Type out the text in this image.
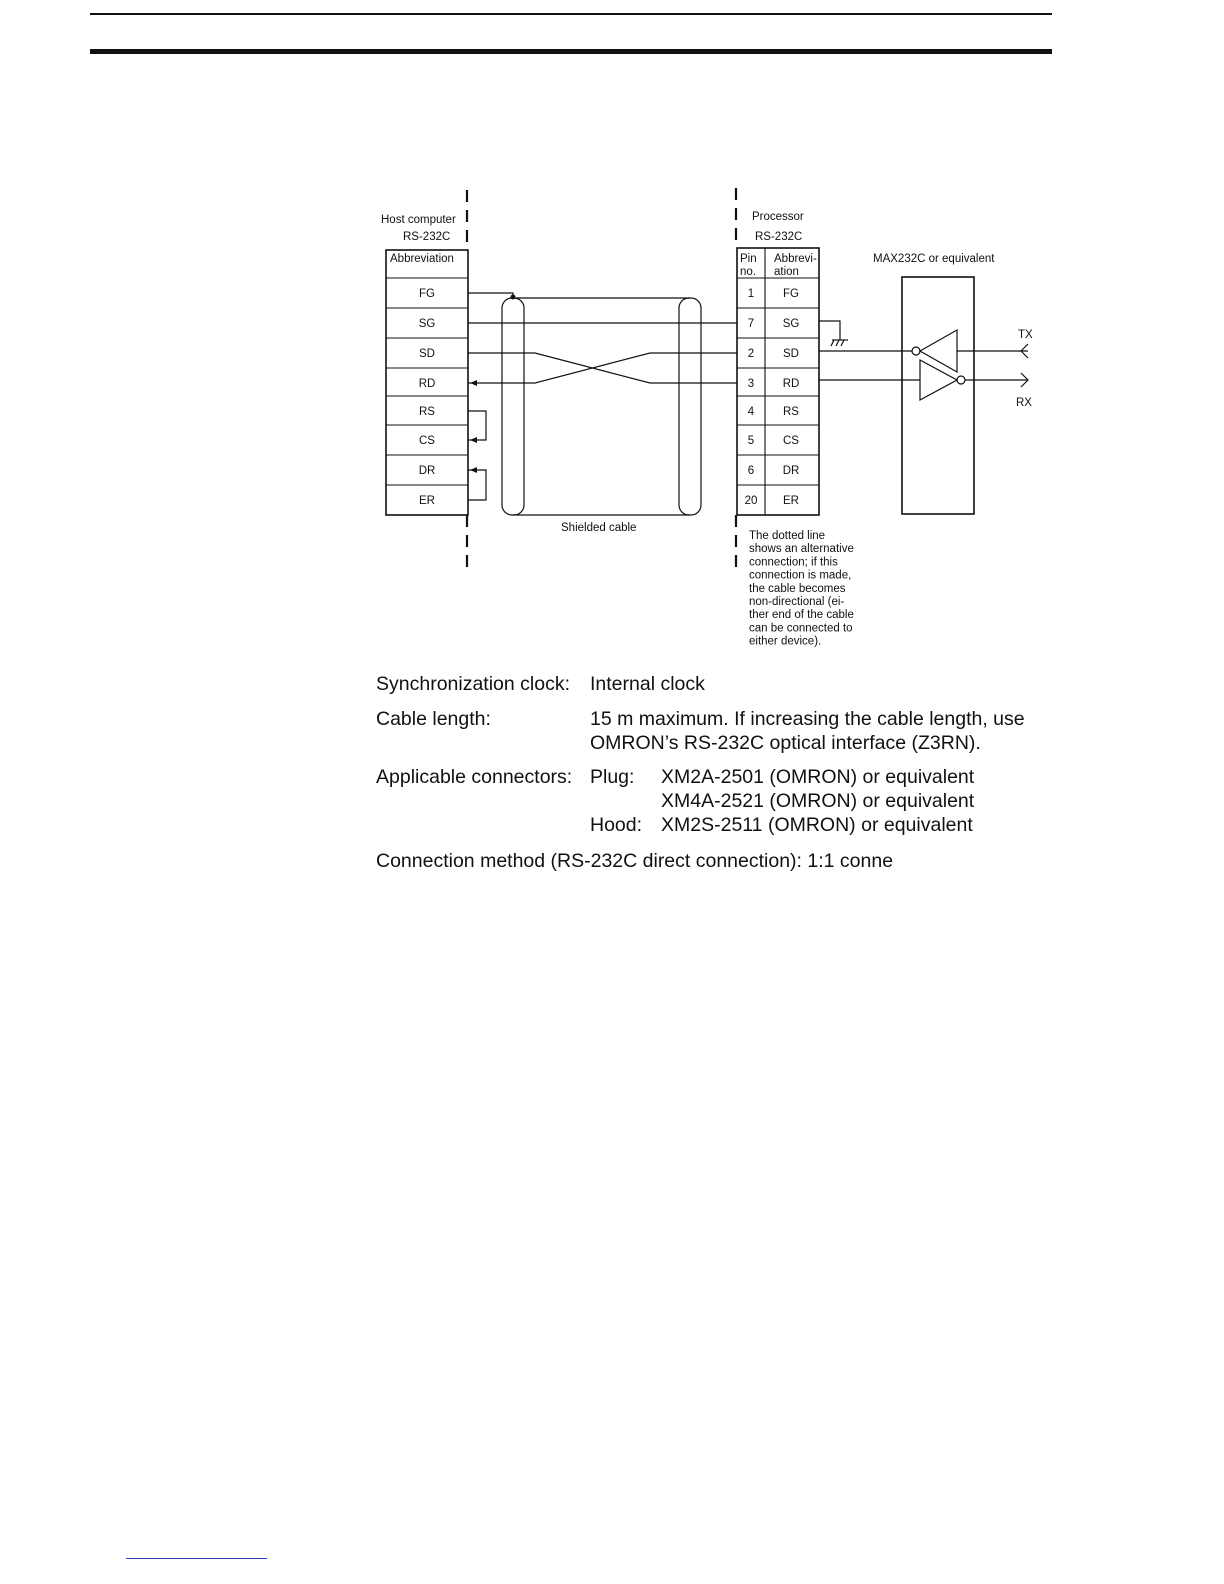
Host computer
RS-232C
Abbreviation
FG
SG
SD
RD
RS
CS
DR
ER
Processor
RS-232C
Pin
no.
Abbrevi-
ation
1	FG
7 SG
2	SD
3 RD
4	RS
5	CS
6 DR
20 ER
MAX232C or equivalent
TX
RX
Shielded cable
The dotted line
shows an alternative
connection; if this
connection is made,
the cable becomes
non-directional (ei-
ther end of the cable
can be connected to
either device).
Synchronization clock: Internal clock
Cable length:	15 m maximum. If increasing the cable length, use
OMRON’s RS-232C optical interface (Z3RN).
Applicable connectors: Plug: XM2A-2501 (OMRON) or equivalent
XM4A-2521 (OMRON) or equivalent
Hood: XM2S-2511 (OMRON) or equivalent
Connection method (RS-232C direct connection): 1:1 conne
